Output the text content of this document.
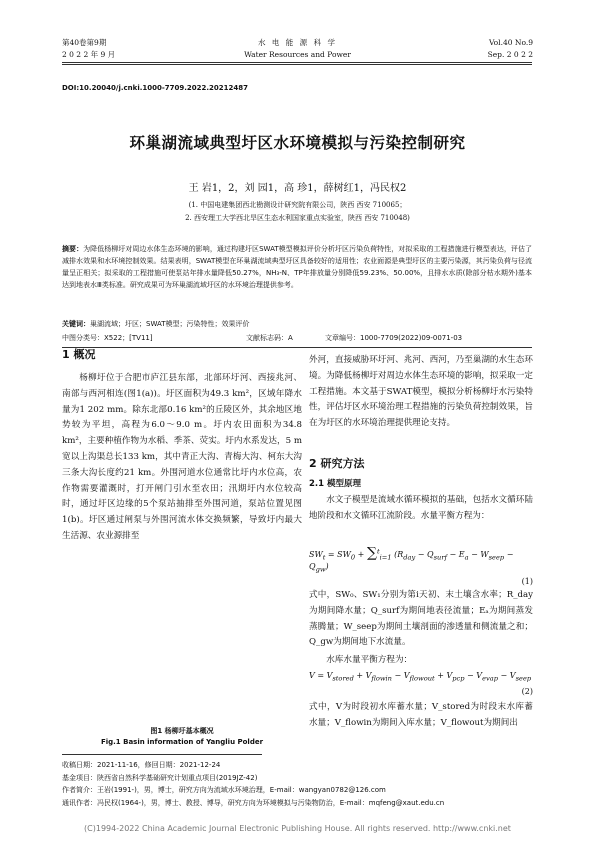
第40卷第9期
2 0 2 2 年 9 月
水 电 能 源 科 学
Water Resources and Power
Vol.40 No.9
Sep. 2 0 2 2
DOI:10.20040/j.cnki.1000-7709.2022.20212487
环巢湖流域典型圩区水环境模拟与污染控制研究
王 岩1，2，刘 园1，高 珍1，薛树红1，冯民权2
(1. 中国电建集团西北勘测设计研究院有限公司，陕西 西安 710065；
2. 西安理工大学西北旱区生态水利国家重点实验室，陕西 西安 710048)
摘要：为降低杨柳圩对周边水体生态环境的影响，通过构建圩区SWAT模型模拟评价分析圩区污染负荷特性，对拟采取的工程措施进行模型表达，评估了减排水效果和水环境控制效果。结果表明，SWAT模型在环巢湖流域典型圩区具备较好的适用性；农业面源是典型圩区的主要污染源，其污染负荷与径流量呈正相关；拟采取的工程措施可使泵站年排水量降低50.27%，NH₃-N、TP年排放量分别降低59.23%、50.00%，且排水水质(除部分枯水期外)基本达到地表水Ⅲ类标准。研究成果可为环巢湖流域圩区的水环境治理提供参考。
关键词：巢湖流域；圩区；SWAT模型；污染特性；效果评价
中图分类号：X522；[TV11]	文献标志码：A	文章编号：1000-7709(2022)09-0071-03
1 概况

杨柳圩位于合肥市庐江县东部，北部环圩河、西接兆河、南部与西河相连(图1(a))。圩区面积为49.3 km²，区域年降水量为1 202 mm。除东北部0.16 km²的丘陵区外，其余地区地势较为平坦，高程为6.0～9.0 m。圩内农田面积为34.8 km²，主要种植作物为水稻、季茶、荧实。圩内水系发达，5 m宽以上沟渠总长133 km，其中青正大沟、青梅大沟、柯东大沟三条大沟长度约21 km。外围河道水位通常比圩内水位高，农作物需要灌溉时，打开闸门引水至农田；汛期圩内水位较高时，通过圩区边缘的5个泵站抽排至外围河道，泵站位置见图1(b)。圩区通过闸泵与外围河流水体交换频繁，导致圩内最大生活源、农业源排至

图1 杨柳圩基本概况
Fig.1 Basin information of Yangliu Polder

外河，直接威胁环圩河、兆河、西河，乃至巢湖的水生态环境。为降低杨柳圩对周边水体生态环境的影响，拟采取一定工程措施。本文基于SWAT模型，模拟分析杨柳圩水污染特性，评估圩区水环境治理工程措施的污染负荷控制效果，旨在为圩区的水环境治理提供理论支持。

2 研究方法
2.1 模型原理

水文子模型是流域水循环模拟的基础，包括水文循环陆地阶段和水文循环江流阶段。水量平衡方程为：

$SW_t = SW_0 + \sum^t_{i=1}$ $(R_{day} - Q_{surf} - E_a - W_{seep} - Q_{gw})$
(1)

式中，SW₀、SW₁分别为第i天初、末土壤含水率；R_day为期间降水量；Q_surf为期间地表径流量；Eₐ为期间蒸发蒸腾量；W_seep为期间土壤剖面的渗透量和侧流量之和；Q_gw为期间地下水流量。

水库水量平衡方程为：

$V = V_{stored} + V_{flowin} - V_{flowout} + V_{pcp} - V_{evap} - V_{seep}$
(2)

式中，V为时段初水库蓄水量；V_stored为时段末水库蓄水量；V_flowin为期间入库水量；V_flowout为期间出

收稿日期：2021-11-16，修回日期：2021-12-24
基金项目：陕西省自然科学基础研究计划重点项目(2019JZ-42)
作者简介：王岩(1991-)，男，博士，研究方向为流域水环境治理，E-mail：wangyan0782@126.com
通讯作者：冯民权(1964-)，男，博士、教授、博导，研究方向为环境模拟与污染物防治，E-mail：mqfeng@xaut.edu.cn
(C)1994-2022 China Academic Journal Electronic Publishing House. All rights reserved. http://www.cnki.net
